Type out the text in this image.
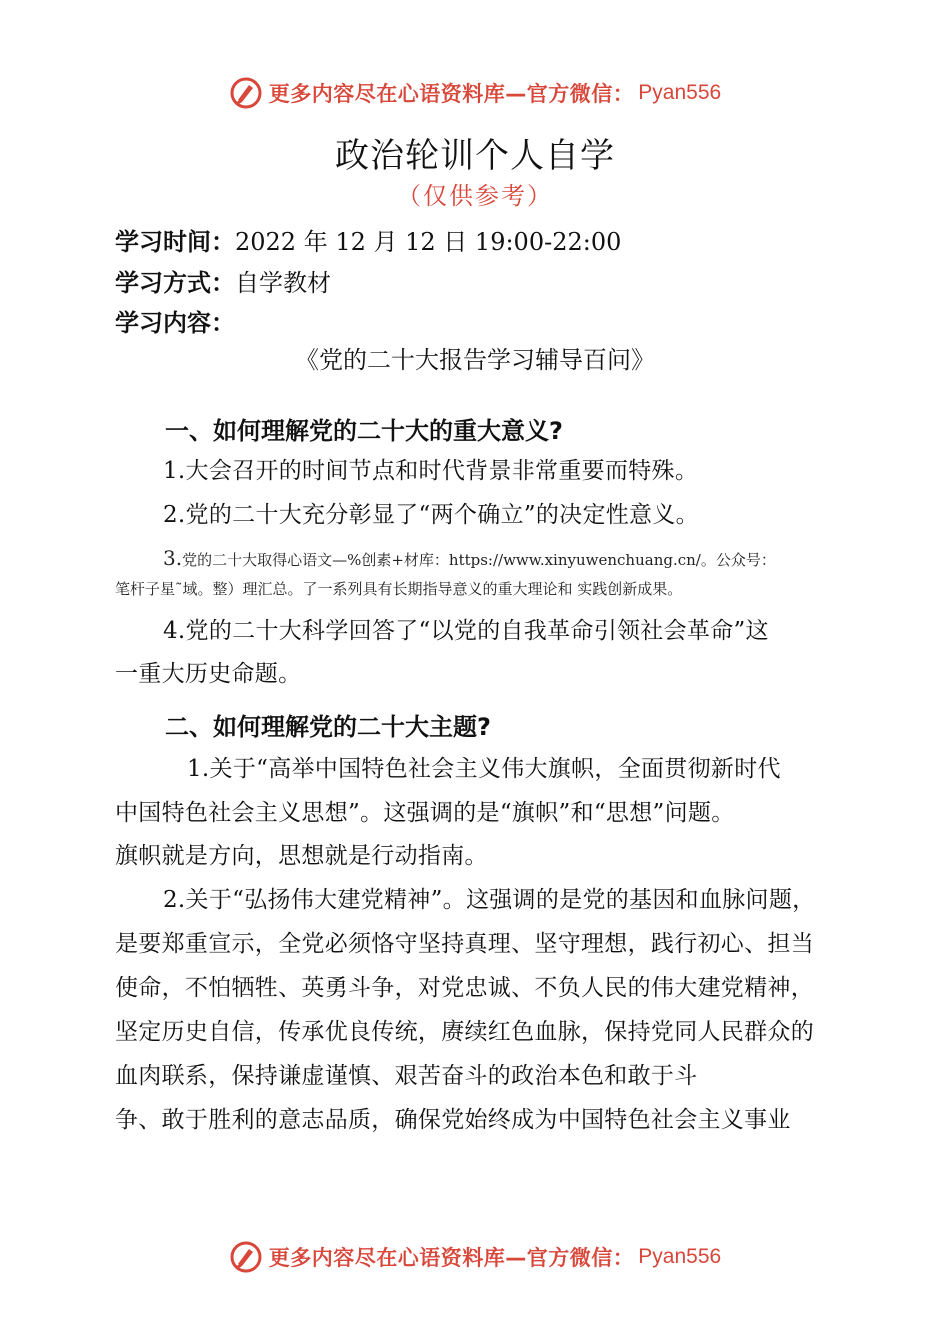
更多内容尽在心语资料库—官方微信： Pyan556
政治轮训个人自学
（仅供参考）
学习时间：2022 年 12 月 12 日 19:00-22:00
学习方式：自学教材
学习内容：
《党的二十大报告学习辅导百问》
一、如何理解党的二十大的重大意义?
1.大会召开的时间节点和时代背景非常重要而特殊。
2.党的二十大充分彰显了“两个确立”的决定性意义。
3.党的二十大取得心语文—%创素+材库：https://www.xinyuwenchuang.cn/。公众号：
笔杆子星˜域。整）理汇总。了一系列具有长期指导意义的重大理论和 实践创新成果。
4.党的二十大科学回答了“以党的自我革命引领社会革命”这
一重大历史命题。
二、如何理解党的二十大主题?
1.关于“高举中国特色社会主义伟大旗帜，全面贯彻新时代
中国特色社会主义思想”。这强调的是“旗帜”和“思想”问题。
旗帜就是方向，思想就是行动指南。
2.关于“弘扬伟大建党精神”。这强调的是党的基因和血脉问题，
是要郑重宣示，全党必须恪守坚持真理、坚守理想，践行初心、担当
使命，不怕牺牲、英勇斗争，对党忠诚、不负人民的伟大建党精神，
坚定历史自信，传承优良传统，赓续红色血脉，保持党同人民群众的
血肉联系，保持谦虚谨慎、艰苦奋斗的政治本色和敢于斗
争、敢于胜利的意志品质，确保党始终成为中国特色社会主义事业
更多内容尽在心语资料库—官方微信： Pyan556
